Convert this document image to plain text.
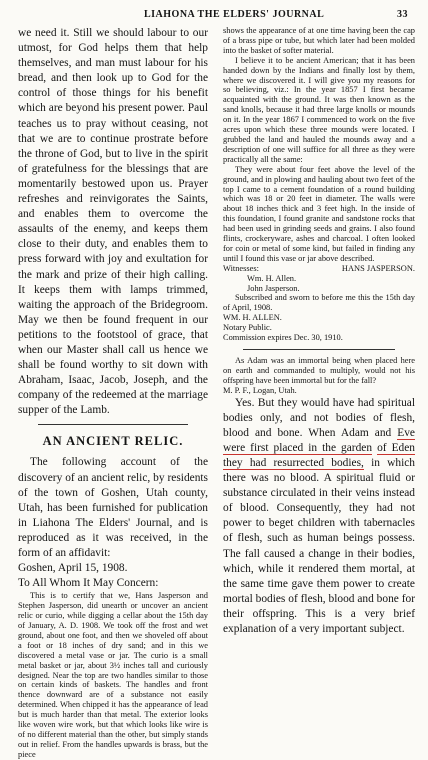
LIAHONA THE ELDERS' JOURNAL	33

we need it. Still we should labour to our utmost, for God helps them that help themselves, and man must labour for his bread, and then look up to God for the control of those things for his benefit which are beyond his present power. Paul teaches us to pray without ceasing, not that we are to continue prostrate before the throne of God, but to live in the spirit of gratefulness for the blessings that are momentarily bestowed upon us. Prayer refreshes and reinvigorates the Saints, and enables them to overcome the assaults of the enemy, and keeps them close to their duty, and enables them to press forward with joy and exultation for the mark and prize of their high calling. It keeps them with lamps trimmed, waiting the approach of the Bridegroom. May we then be found frequent in our petitions to the footstool of grace, that when our Master shall call us hence we shall be found worthy to sit down with Abraham, Isaac, Jacob, Joseph, and the company of the redeemed at the marriage supper of the Lamb.

AN ANCIENT RELIC.

The following account of the discovery of an ancient relic, by residents of the town of Goshen, Utah county, Utah, has been furnished for publication in Liahona The Elders' Journal, and is reproduced as it was received, in the form of an affidavit:

Goshen, April 15, 1908.

To All Whom It May Concern:

This is to certify that we, Hans Jasperson and Stephen Jasperson, did unearth or uncover an ancient relic or curio, while digging a cellar about the 15th day of January, A. D. 1908. We took off the frost and wet ground, about one foot, and then we shoveled off about a foot or 18 inches of dry sand; and in this we discovered a metal vase or jar. The curio is a small metal basket or jar, about 3½ inches tall and curiously designed. Near the top are two handles similar to those on certain kinds of baskets. The handles and front thence downward are of a substance not easily determined. When chipped it has the appearance of lead but is much harder than that metal. The exterior looks like woven wire work, but that which looks like wire is of no different material than the other, but simply stands out in relief. From the handles upwards is brass, but the piece

shows the appearance of at one time having been the cap of a brass pipe or tube, but which later had been molded into the basket of softer material.

I believe it to be ancient American; that it has been handed down by the Indians and finally lost by them, where we discovered it. I will give you my reasons for so believing, viz.: In the year 1857 I first became acquainted with the ground. It was then known as the sand knolls, because it had three large knolls or mounds on it. In the year 1867 I commenced to work on the five acres upon which these three mounds were located. I grubbed the land and hauled the mounds away and a description of one will suffice for all three as they were practically all the same:

They were about four feet above the level of the ground, and in plowing and hauling about two feet of the top I came to a cement foundation of a round building which was 18 or 20 feet in diameter. The walls were about 18 inches thick and 3 feet high. In the inside of this foundation, I found granite and sandstone rocks that had been used in grinding seeds and grains. I also found flints, crockeryware, ashes and charcoal. I often looked for coin or metal of some kind, but failed in finding any until I found this vase or jar above described.

Witnesses:	HANS JASPERSON.

Wm. H. Allen.

John Jasperson.

Subscribed and sworn to before me this the 15th day of April, 1908.

WM. H. ALLEN.

Notary Public.

Commission expires Dec. 30, 1910.

As Adam was an immortal being when placed here on earth and commanded to multiply, would not his offspring have been immortal but for the fall?

M. P. F., Logan, Utah.

Yes. But they would have had spiritual bodies only, and not bodies of flesh, blood and bone. When Adam and Eve were first placed in the garden of Eden they had resurrected bodies, in which there was no blood. A spiritual fluid or substance circulated in their veins instead of blood. Consequently, they had not power to beget children with tabernacles of flesh, such as human beings possess. The fall caused a change in their bodies, which, while it rendered them mortal, at the same time gave them power to create mortal bodies of flesh, blood and bone for their offspring. This is a very brief explanation of a very important subject.
